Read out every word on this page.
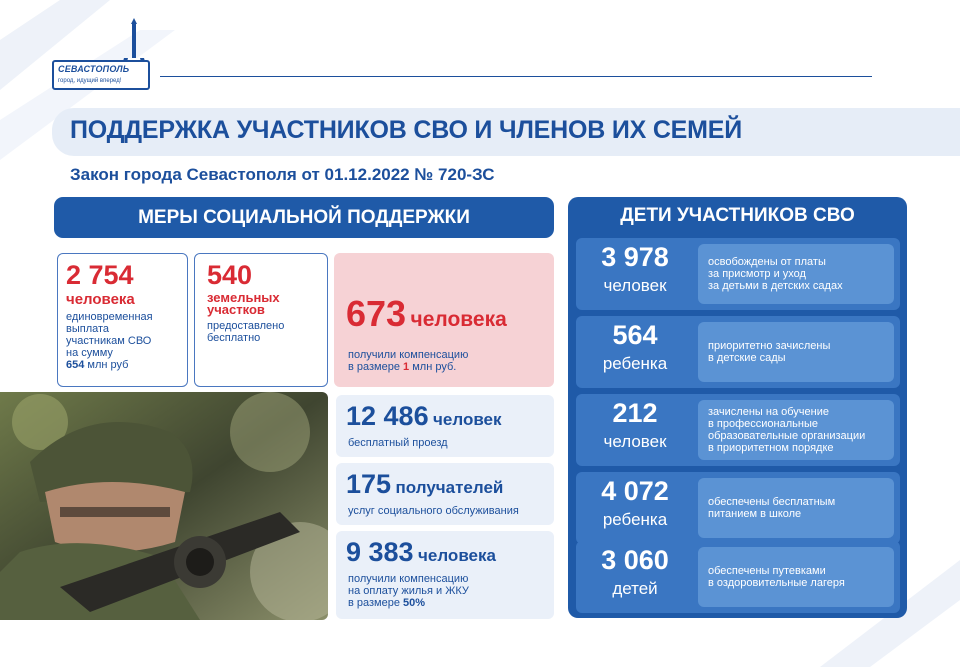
СЕВАСТОПОЛЬ
город, идущий вперед!
ПОДДЕРЖКА УЧАСТНИКОВ СВО И ЧЛЕНОВ ИХ СЕМЕЙ
Закон города Севастополя от 01.12.2022 № 720-ЗС
МЕРЫ СОЦИАЛЬНОЙ ПОДДЕРЖКИ
2 754
человека
единовременная
выплата
участникам СВО
на сумму
654 млн руб
540
земельных
участков
предоставлено
бесплатно
673 человека
получили компенсацию
в размере 1 млн руб.
12 486 человек
бесплатный проезд
175 получателей
услуг социального обслуживания
9 383 человека
получили компенсацию
на оплату жилья и ЖКУ
в размере 50%
ДЕТИ УЧАСТНИКОВ СВО
3 978
человек
освобождены от платы
за присмотр и уход
за детьми в детских садах
564
ребенка
приоритетно зачислены
в детские сады
212
человек
зачислены на обучение
в профессиональные
образовательные организации
в приоритетном порядке
4 072
ребенка
обеспечены бесплатным
питанием в школе
3 060
детей
обеспечены путевками
в оздоровительные лагеря
